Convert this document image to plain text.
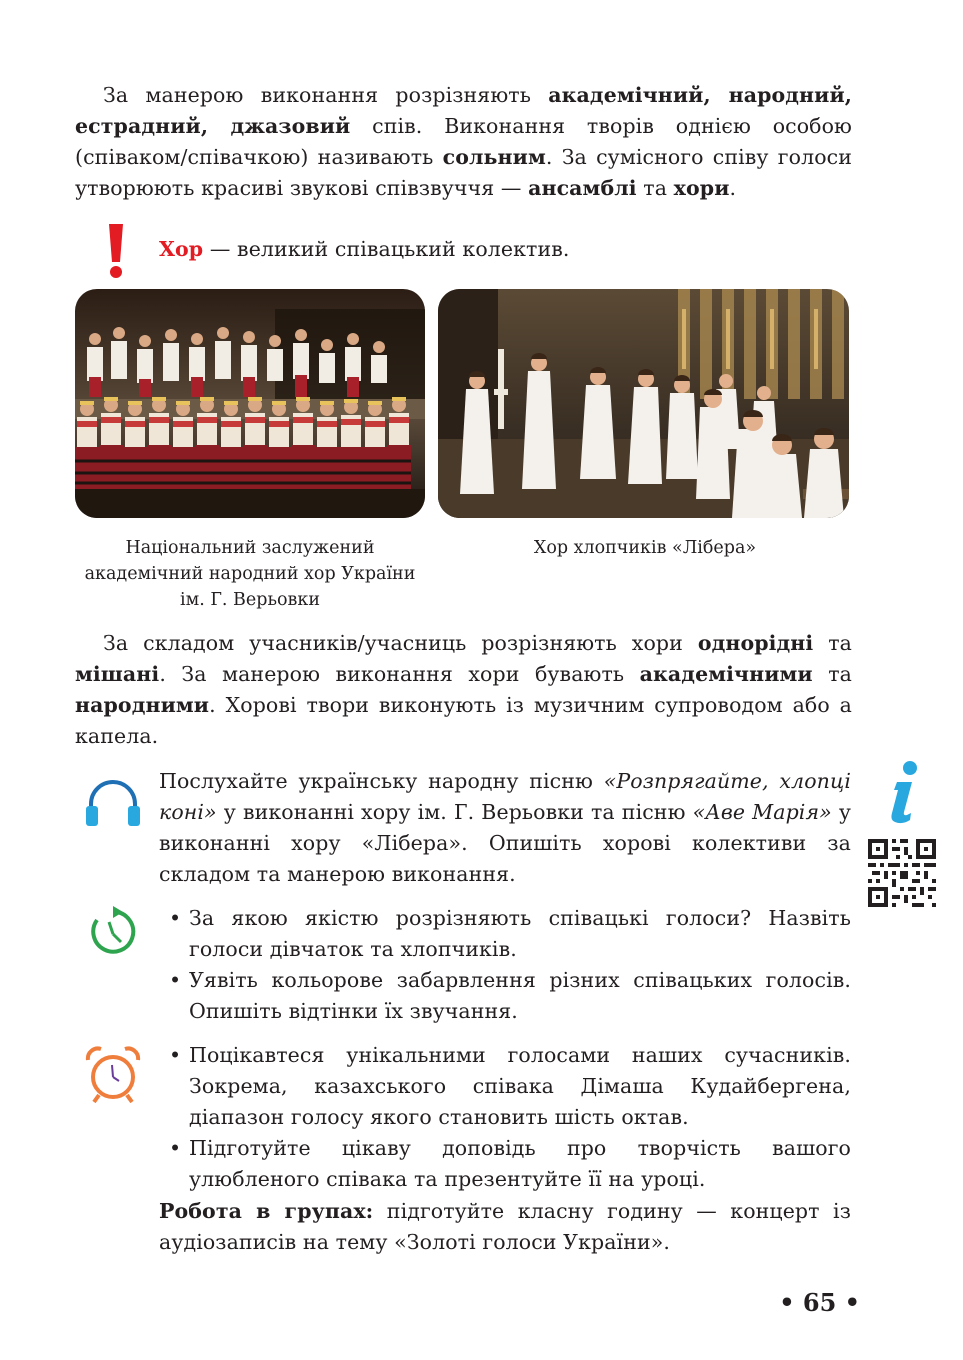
За манерою виконання розрізняють академічний, народний, естрадний, джазовий спів. Виконання творів однією особою (співаком/співачкою) називають сольним. За сумісного співу голоси утворюють красиві звукові співзвуччя — ансамблі та хори.

Хор — великий співацький колектив.

Національний заслужений академічний народний хор України ім. Г. Верьовки
Хор хлопчиків «Лібера»

За складом учасників/учасниць розрізняють хори однорідні та мішані. За манерою виконання хори бувають академічними та народними. Хорові твори виконують із музичним супроводом або а капела.

Послухайте українську народну пісню «Розпрягайте, хлопці коні» у виконанні хору ім. Г. Верьовки та пісню «Аве Марія» у виконанні хору «Лібера». Опишіть хорові колективи за складом та манерою виконання.

• За якою якістю розрізняють співацькі голоси? Назвіть голоси дівчаток та хлопчиків.
• Уявіть кольорове забарвлення різних співацьких голосів. Опишіть відтінки їх звучання.
• Поцікавтеся унікальними голосами наших сучасників. Зокрема, казахського співака Дімаша Кудайбергена, діапазон голосу якого становить шість октав.
• Підготуйте цікаву доповідь про творчість вашого улюбленого співака та презентуйте її на уроці.

Робота в групах: підготуйте класну годину — концерт із аудіозаписів на тему «Золоті голоси України».

• 65 •
